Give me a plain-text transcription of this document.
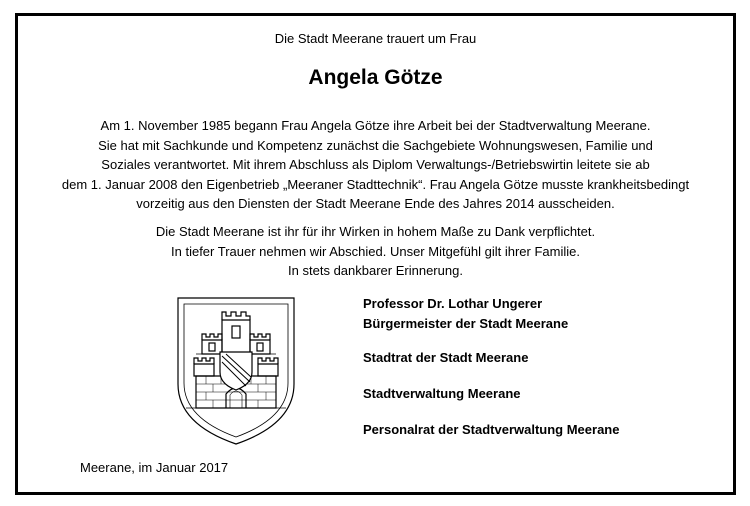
Die Stadt Meerane trauert um Frau
Angela Götze
Am 1. November 1985 begann Frau Angela Götze ihre Arbeit bei der Stadtverwaltung Meerane.
Sie hat mit Sachkunde und Kompetenz zunächst die Sachgebiete Wohnungswesen, Familie und
Soziales verantwortet. Mit ihrem Abschluss als Diplom Verwaltungs-/Betriebswirtin leitete sie ab
dem 1. Januar 2008 den Eigenbetrieb „Meeraner Stadttechnik“. Frau Angela Götze musste krankheitsbedingt
vorzeitig aus den Diensten der Stadt Meerane Ende des Jahres 2014 ausscheiden.
Die Stadt Meerane ist ihr für ihr Wirken in hohem Maße zu Dank verpflichtet.
In tiefer Trauer nehmen wir Abschied. Unser Mitgefühl gilt ihrer Familie.
In stets dankbarer Erinnerung.
Professor Dr. Lothar Ungerer
Bürgermeister der Stadt Meerane
Stadtrat der Stadt Meerane
Stadtverwaltung Meerane
Personalrat der Stadtverwaltung Meerane
Meerane, im Januar 2017
